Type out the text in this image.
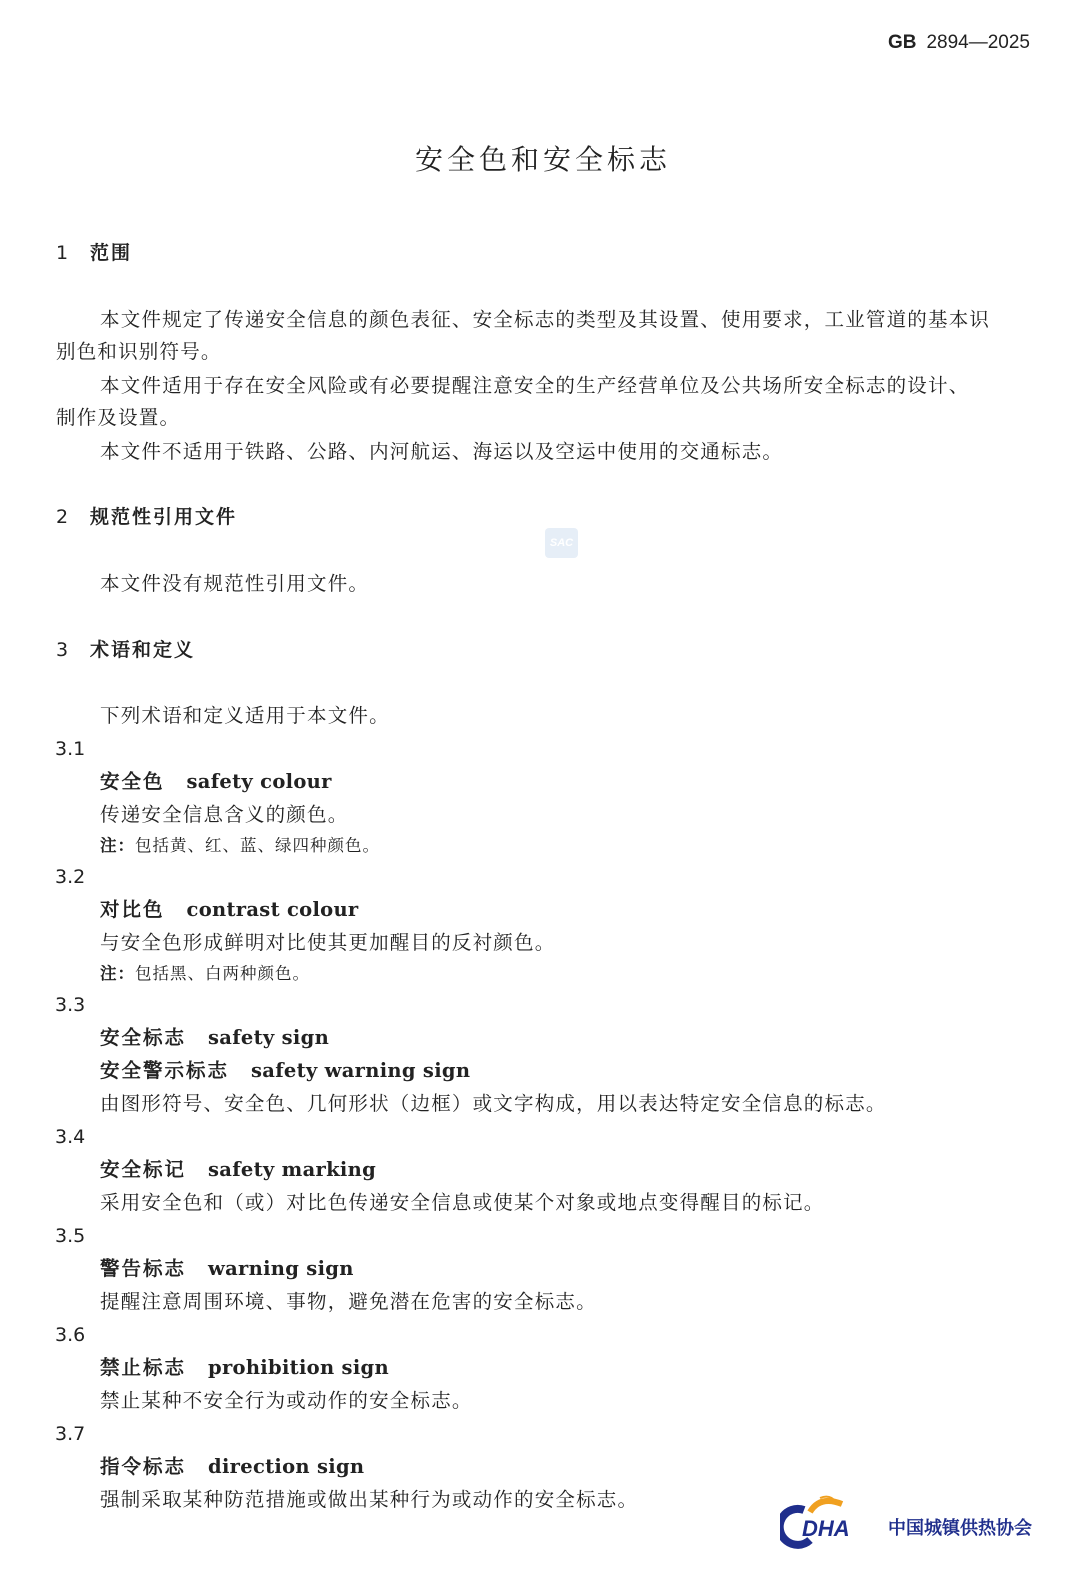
GB 2894—2025
安全色和安全标志
1 范围
本文件规定了传递安全信息的颜色表征、安全标志的类型及其设置、使用要求，工业管道的基本识
别色和识别符号。
本文件适用于存在安全风险或有必要提醒注意安全的生产经营单位及公共场所安全标志的设计、
制作及设置。
本文件不适用于铁路、公路、内河航运、海运以及空运中使用的交通标志。
2 规范性引用文件
SAC
本文件没有规范性引用文件。
3 术语和定义
下列术语和定义适用于本文件。
3.1
安全色 safety colour
传递安全信息含义的颜色。
注：包括黄、红、蓝、绿四种颜色。
3.2
对比色 contrast colour
与安全色形成鲜明对比使其更加醒目的反衬颜色。
注：包括黑、白两种颜色。
3.3
安全标志 safety sign
安全警示标志 safety warning sign
由图形符号、安全色、几何形状（边框）或文字构成，用以表达特定安全信息的标志。
3.4
安全标记 safety marking
采用安全色和（或）对比色传递安全信息或使某个对象或地点变得醒目的标记。
3.5
警告标志 warning sign
提醒注意周围环境、事物，避免潜在危害的安全标志。
3.6
禁止标志 prohibition sign
禁止某种不安全行为或动作的安全标志。
3.7
指令标志 direction sign
强制采取某种防范措施或做出某种行为或动作的安全标志。
DHA 中国城镇供热协会
